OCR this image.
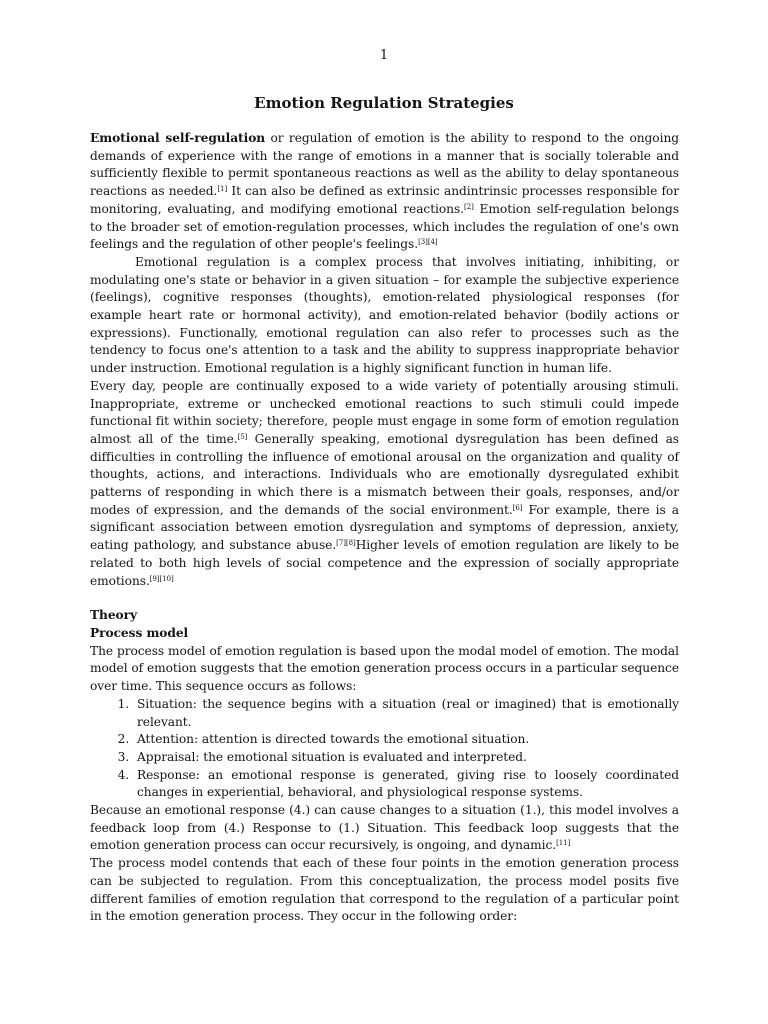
1
Emotion Regulation Strategies

Emotional self-regulation or regulation of emotion is the ability to respond to the ongoing demands of experience with the range of emotions in a manner that is socially tolerable and sufficiently flexible to permit spontaneous reactions as well as the ability to delay spontaneous reactions as needed.[1] It can also be defined as extrinsic andintrinsic processes responsible for monitoring, evaluating, and modifying emotional reactions.[2] Emotion self-regulation belongs to the broader set of emotion-regulation processes, which includes the regulation of one's own feelings and the regulation of other people's feelings.[3][4]

Emotional regulation is a complex process that involves initiating, inhibiting, or modulating one's state or behavior in a given situation – for example the subjective experience (feelings), cognitive responses (thoughts), emotion-related physiological responses (for example heart rate or hormonal activity), and emotion-related behavior (bodily actions or expressions). Functionally, emotional regulation can also refer to processes such as the tendency to focus one's attention to a task and the ability to suppress inappropriate behavior under instruction. Emotional regulation is a highly significant function in human life.

Every day, people are continually exposed to a wide variety of potentially arousing stimuli. Inappropriate, extreme or unchecked emotional reactions to such stimuli could impede functional fit within society; therefore, people must engage in some form of emotion regulation almost all of the time.[5] Generally speaking, emotional dysregulation has been defined as difficulties in controlling the influence of emotional arousal on the organization and quality of thoughts, actions, and interactions. Individuals who are emotionally dysregulated exhibit patterns of responding in which there is a mismatch between their goals, responses, and/or modes of expression, and the demands of the social environment.[6] For example, there is a significant association between emotion dysregulation and symptoms of depression, anxiety, eating pathology, and substance abuse.[7][8]Higher levels of emotion regulation are likely to be related to both high levels of social competence and the expression of socially appropriate emotions.[9][10]

Theory

Process model

The process model of emotion regulation is based upon the modal model of emotion. The modal model of emotion suggests that the emotion generation process occurs in a particular sequence over time. This sequence occurs as follows:

1. Situation: the sequence begins with a situation (real or imagined) that is emotionally relevant.
2. Attention: attention is directed towards the emotional situation.
3. Appraisal: the emotional situation is evaluated and interpreted.
4. Response: an emotional response is generated, giving rise to loosely coordinated changes in experiential, behavioral, and physiological response systems.

Because an emotional response (4.) can cause changes to a situation (1.), this model involves a feedback loop from (4.) Response to (1.) Situation. This feedback loop suggests that the emotion generation process can occur recursively, is ongoing, and dynamic.[11]

The process model contends that each of these four points in the emotion generation process can be subjected to regulation. From this conceptualization, the process model posits five different families of emotion regulation that correspond to the regulation of a particular point in the emotion generation process. They occur in the following order:
